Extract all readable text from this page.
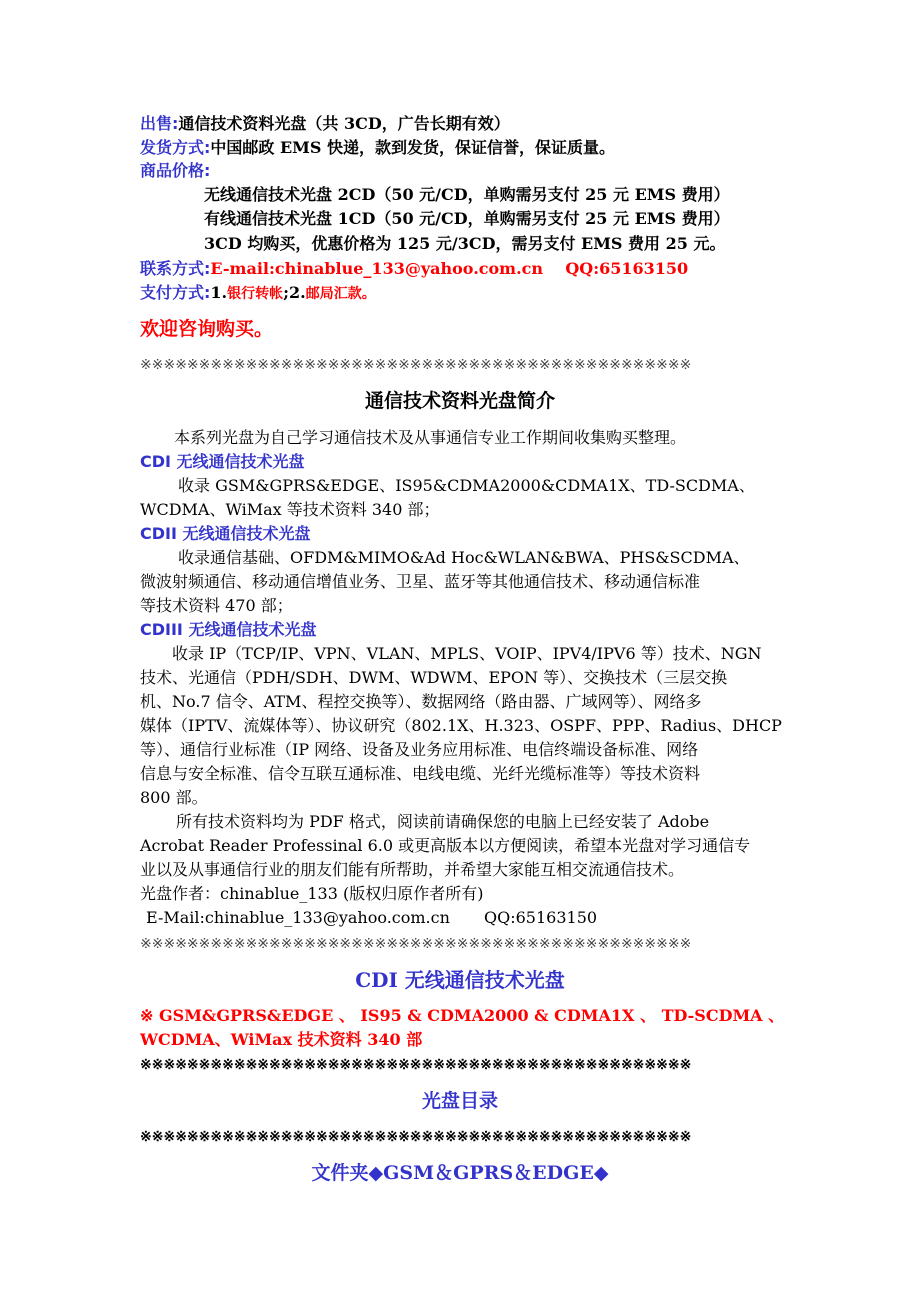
出售:通信技术资料光盘（共 3CD，广告长期有效）
发货方式:中国邮政 EMS 快递，款到发货，保证信誉，保证质量。
商品价格:
无线通信技术光盘 2CD（50 元/CD，单购需另支付 25 元 EMS 费用）
有线通信技术光盘 1CD（50 元/CD，单购需另支付 25 元 EMS 费用）
3CD 均购买，优惠价格为 125 元/3CD，需另支付 EMS 费用 25 元。
联系方式:E-mail:chinablue_133@yahoo.com.cn    QQ:65163150
支付方式:1.银行转帐;2.邮局汇款。
欢迎咨询购买。
※※※※※※※※※※※※※※※※※※※※※※※※※※※※※※※※※※※※※※※※※※※※※※※
通信技术资料光盘简介
本系列光盘为自己学习通信技术及从事通信专业工作期间收集购买整理。
CDI 无线通信技术光盘
收录 GSM&GPRS&EDGE、IS95&CDMA2000&CDMA1X、TD-SCDMA、
WCDMA、WiMax 等技术资料 340 部；
CDII 无线通信技术光盘
收录通信基础、OFDM&MIMO&Ad Hoc&WLAN&BWA、PHS&SCDMA、
微波射频通信、移动通信增值业务、卫星、蓝牙等其他通信技术、移动通信标准
等技术资料 470 部；
CDIII 无线通信技术光盘
收录 IP（TCP/IP、VPN、VLAN、MPLS、VOIP、IPV4/IPV6 等）技术、NGN
技术、光通信（PDH/SDH、DWM、WDWM、EPON 等）、交换技术（三层交换
机、No.7 信令、ATM、程控交换等）、数据网络（路由器、广域网等）、网络多
媒体（IPTV、流媒体等）、协议研究（802.1X、H.323、OSPF、PPP、Radius、DHCP
等）、通信行业标准（IP 网络、设备及业务应用标准、电信终端设备标准、网络
信息与安全标准、信令互联互通标准、电线电缆、光纤光缆标准等）等技术资料
800 部。
所有技术资料均为 PDF 格式，阅读前请确保您的电脑上已经安装了 Adobe
Acrobat Reader Professinal 6.0 或更高版本以方便阅读，希望本光盘对学习通信专
业以及从事通信行业的朋友们能有所帮助，并希望大家能互相交流通信技术。
光盘作者：chinablue_133 (版权归原作者所有)
E-Mail:chinablue_133@yahoo.com.cn QQ:65163150
※※※※※※※※※※※※※※※※※※※※※※※※※※※※※※※※※※※※※※※※※※※※※※※
CDI 无线通信技术光盘
※ GSM&GPRS&EDGE 、 IS95 & CDMA2000 & CDMA1X 、 TD-SCDMA 、
WCDMA、WiMax 技术资料 340 部
※※※※※※※※※※※※※※※※※※※※※※※※※※※※※※※※※※※※※※※※※※※※※※※
光盘目录
※※※※※※※※※※※※※※※※※※※※※※※※※※※※※※※※※※※※※※※※※※※※※※※
文件夹◆GSM＆GPRS＆EDGE◆
